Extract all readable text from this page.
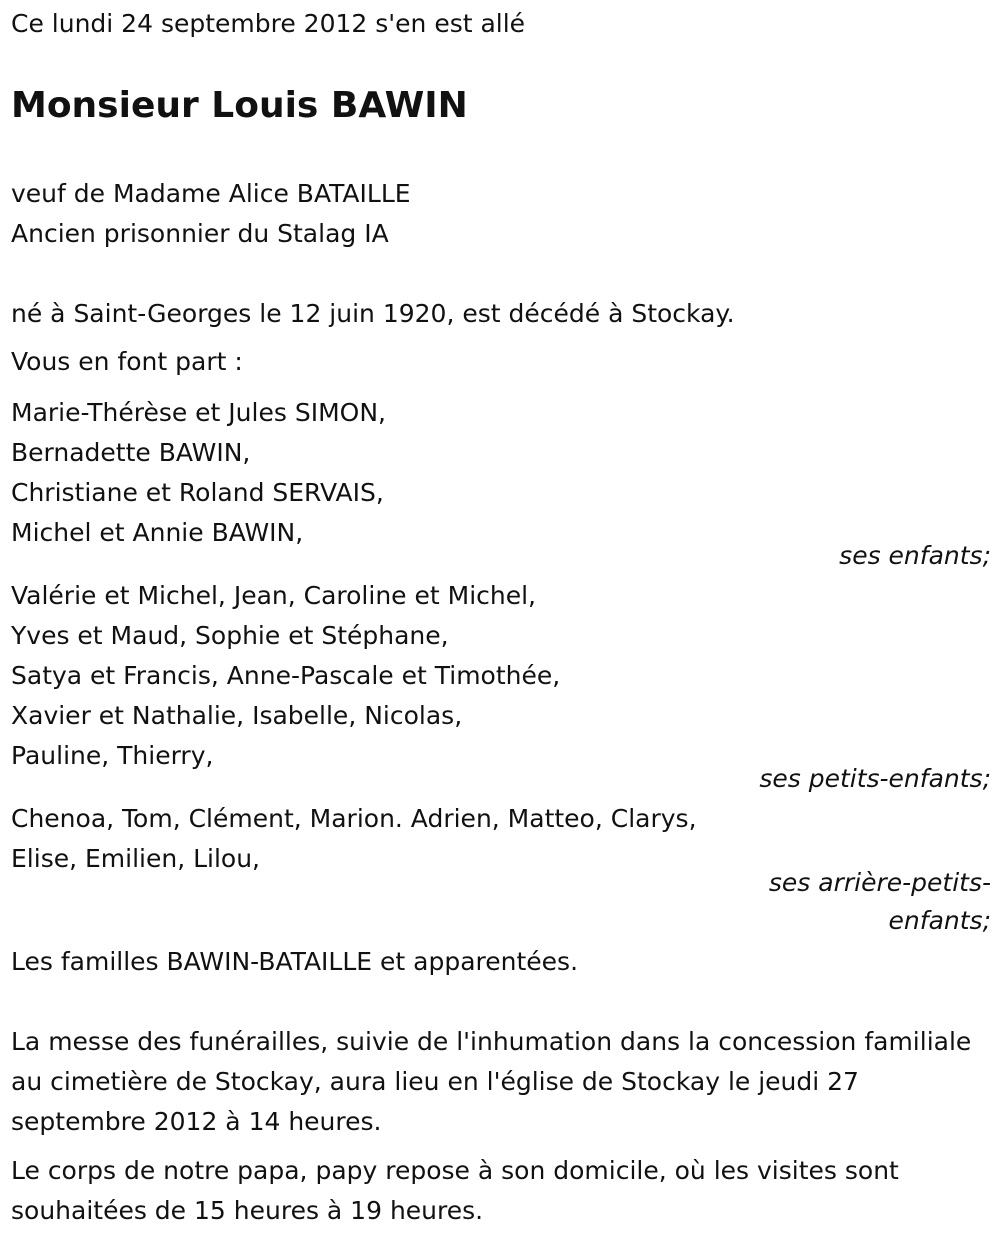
Ce lundi 24 septembre 2012 s'en est allé

Monsieur Louis BAWIN
veuf de Madame Alice BATAILLE
Ancien prisonnier du Stalag IA

né à Saint-Georges le 12 juin 1920, est décédé à Stockay.

Vous en font part :

Marie-Thérèse et Jules SIMON,
Bernadette BAWIN,
Christiane et Roland SERVAIS,
Michel et Annie BAWIN,
ses enfants;
Valérie et Michel, Jean, Caroline et Michel,
Yves et Maud, Sophie et Stéphane,
Satya et Francis, Anne-Pascale et Timothée,
Xavier et Nathalie, Isabelle, Nicolas,
Pauline, Thierry,
ses petits-enfants;
Chenoa, Tom, Clément, Marion. Adrien, Matteo, Clarys,
Elise, Emilien, Lilou,
ses arrière-petits-enfants;

Les familles BAWIN-BATAILLE et apparentées.

La messe des funérailles, suivie de l'inhumation dans la concession familiale au cimetière de Stockay, aura lieu en l'église de Stockay le jeudi 27 septembre 2012 à 14 heures.

Le corps de notre papa, papy repose à son domicile, où les visites sont souhaitées de 15 heures à 19 heures.
